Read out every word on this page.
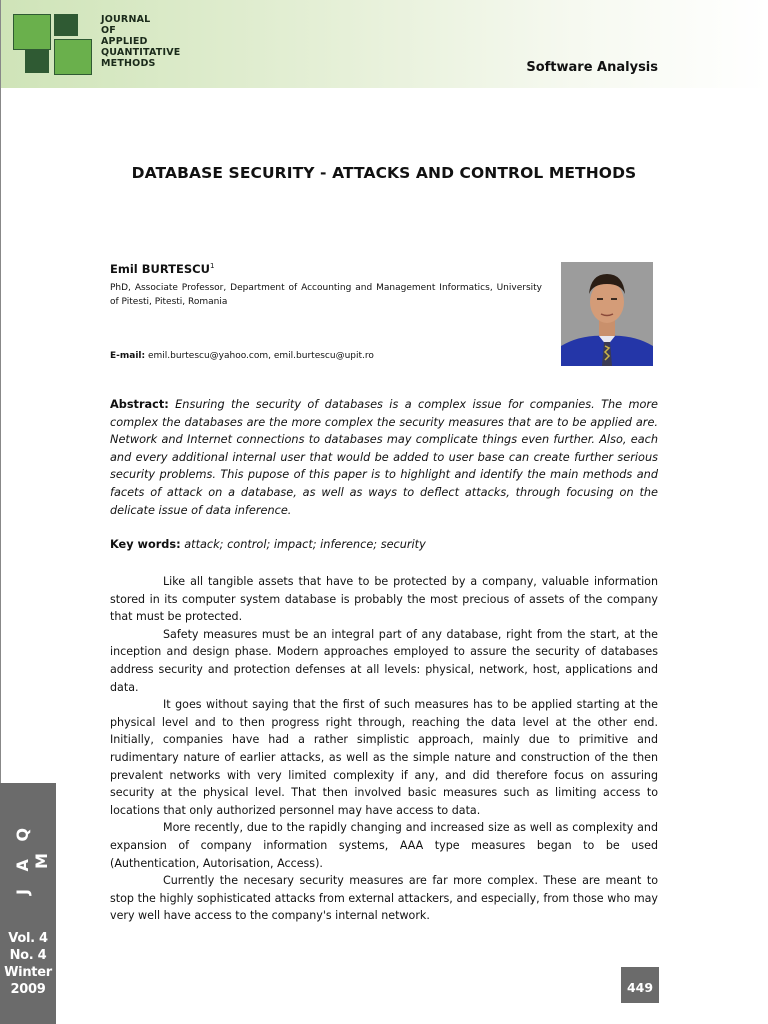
JOURNAL
OF
APPLIED
QUANTITATIVE
METHODS	Software Analysis
DATABASE SECURITY - ATTACKS AND CONTROL METHODS
Emil BURTESCU$^1$
PhD, Associate Professor, Department of Accounting and Management Informatics, University of Pitesti, Pitesti, Romania
E-mail: emil.burtescu@yahoo.com, emil.burtescu@upit.ro
Abstract: Ensuring the security of databases is a complex issue for companies. The more complex the databases are the more complex the security measures that are to be applied are. Network and Internet connections to databases may complicate things even further. Also, each and every additional internal user that would be added to user base can create further serious security problems. This pupose of this paper is to highlight and identify the main methods and facets of attack on a database, as well as ways to deflect attacks, through focusing on the delicate issue of data inference.
Key words: attack; control; impact; inference; security

Like all tangible assets that have to be protected by a company, valuable information stored in its computer system database is probably the most precious of assets of the company that must be protected.

Safety measures must be an integral part of any database, right from the start, at the inception and design phase. Modern approaches employed to assure the security of databases address security and protection defenses at all levels: physical, network, host, applications and data.

It goes without saying that the first of such measures has to be applied starting at the physical level and to then progress right through, reaching the data level at the other end. Initially, companies have had a rather simplistic approach, mainly due to primitive and rudimentary nature of earlier attacks, as well as the simple nature and construction of the then prevalent networks with very limited complexity if any, and did therefore focus on assuring security at the physical level. That then involved basic measures such as limiting access to locations that only authorized personnel may have access to data.

More recently, due to the rapidly changing and increased size as well as complexity and expansion of company information systems, AAA type measures began to be used (Authentication, Autorisation, Access).

Currently the necesary security measures are far more complex. These are meant to stop the highly sophisticated attacks from external attackers, and especially, from those who may very well have access to the company's internal network.

J A Q M
Vol. 4
No. 4
Winter
2009	449
